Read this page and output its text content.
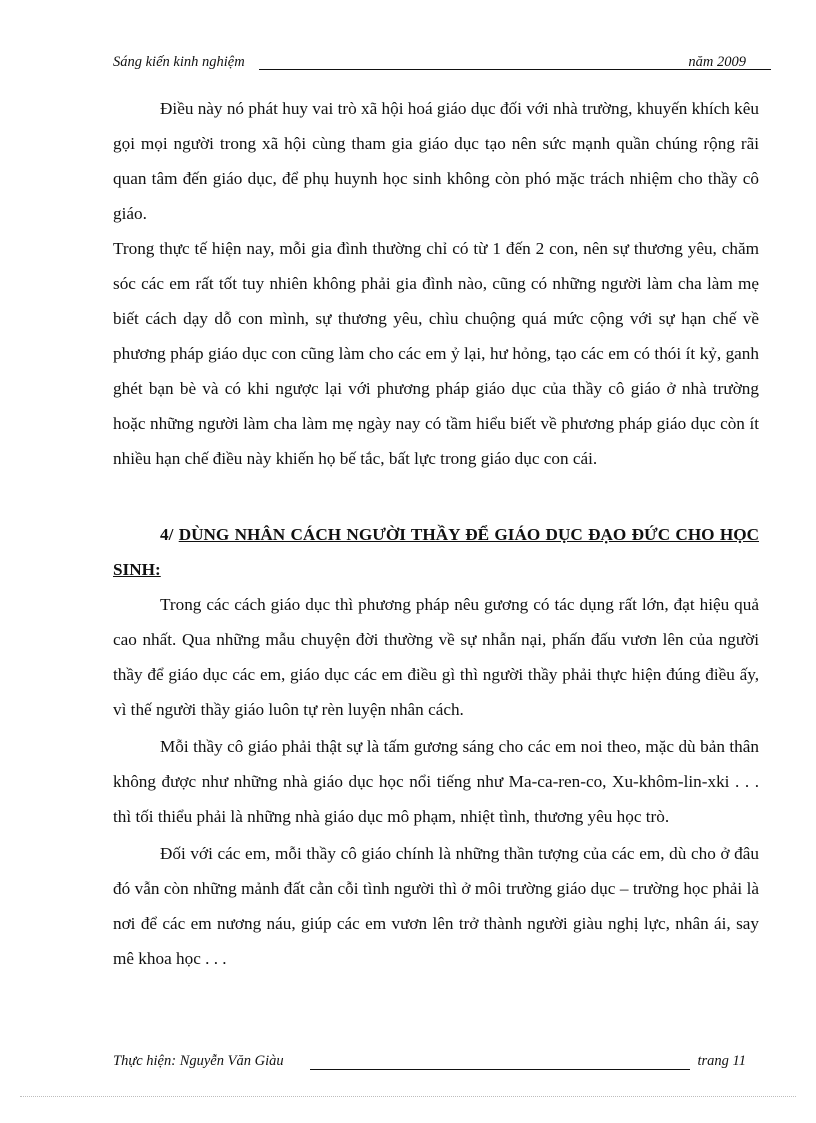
Sáng kiến kinh nghiệm	năm 2009

Điều này nó phát huy vai trò xã hội hoá giáo dục đối với nhà trường, khuyến khích kêu gọi mọi người trong xã hội cùng tham gia giáo dục tạo nên sức mạnh quần chúng rộng rãi quan tâm đến giáo dục, để phụ huynh học sinh không còn phó mặc trách nhiệm cho thầy cô giáo.

Trong thực tế hiện nay, mỗi gia đình thường chỉ có từ 1 đến 2 con, nên sự thương yêu, chăm sóc các em rất tốt tuy nhiên không phải gia đình nào, cũng có những người làm cha làm mẹ biết cách dạy dỗ con mình, sự thương yêu, chìu chuộng quá mức cộng với sự hạn chế về phương pháp giáo dục con cũng làm cho các em ỷ lại, hư hỏng, tạo các em có thói ít kỷ, ganh ghét bạn bè và có khi ngược lại với phương pháp giáo dục của thầy cô giáo ở nhà trường hoặc những người làm cha làm mẹ ngày nay có tầm hiểu biết về phương pháp giáo dục còn ít nhiều hạn chế điều này khiến họ bế tắc, bất lực trong giáo dục con cái.

4/ DÙNG NHÂN CÁCH NGƯỜI THẦY ĐỂ GIÁO DỤC ĐẠO ĐỨC CHO HỌC SINH:

Trong các cách giáo dục thì phương pháp nêu gương có tác dụng rất lớn, đạt hiệu quả cao nhất. Qua những mẫu chuyện đời thường về sự nhẫn nại, phấn đấu vươn lên của người thầy để giáo dục các em, giáo dục các em điều gì thì người thầy phải thực hiện đúng điều ấy, vì thế người thầy giáo luôn tự rèn luyện nhân cách.

Mỗi thầy cô giáo phải thật sự là tấm gương sáng cho các em noi theo, mặc dù bản thân không được như những nhà giáo dục học nổi tiếng như Ma-ca-ren-co, Xu-khôm-lin-xki . . . thì tối thiểu phải là những nhà giáo dục mô phạm, nhiệt tình, thương yêu học trò.

Đối với các em, mỗi thầy cô giáo chính là những thần tượng của các em, dù cho ở đâu đó vẫn còn những mảnh đất cằn cỗi tình người thì ở môi trường giáo dục – trường học phải là nơi để các em nương náu, giúp các em vươn lên trở thành người giàu nghị lực, nhân ái, say mê khoa học . . .

Thực hiện: Nguyễn Văn Giàu	trang 11
